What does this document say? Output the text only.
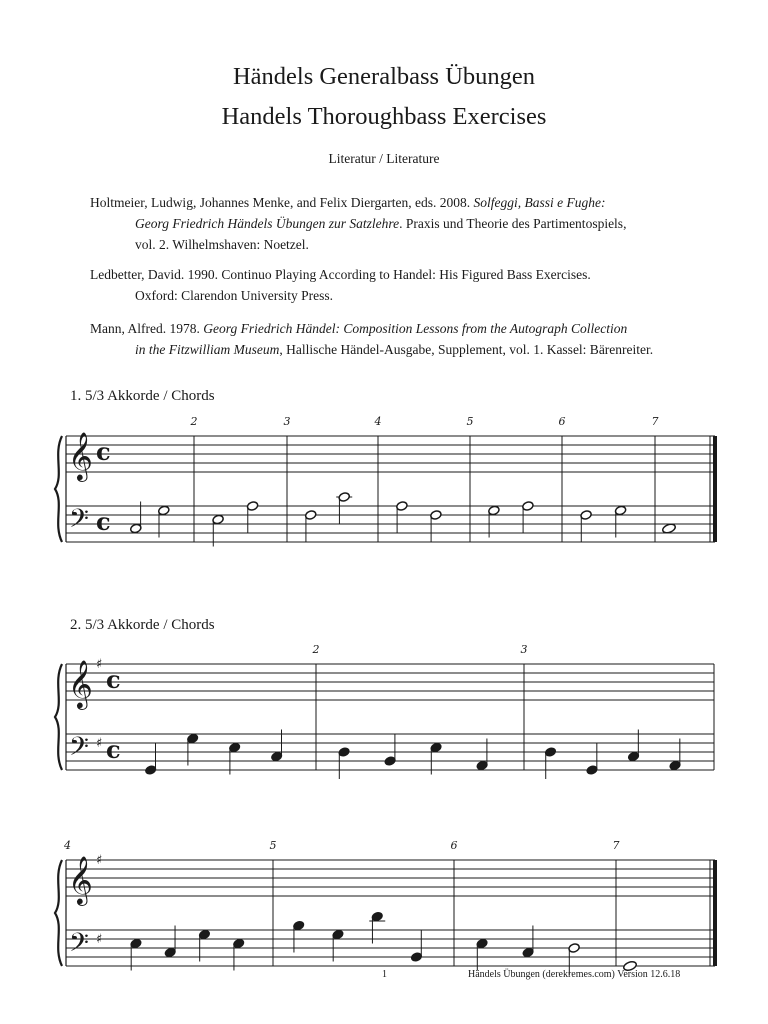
Händels Generalbass Übungen
Handels Thoroughbass Exercises
Literatur / Literature
Holtmeier, Ludwig, Johannes Menke, and Felix Diergarten, eds. 2008. Solfeggi, Bassi e Fughe:
Georg Friedrich Händels Übungen zur Satzlehre. Praxis und Theorie des Partimentospiels,
vol. 2. Wilhelmshaven: Noetzel.
Ledbetter, David. 1990. Continuo Playing According to Handel: His Figured Bass Exercises.
Oxford: Clarendon University Press.
Mann, Alfred. 1978. Georg Friedrich Händel: Composition Lessons from the Autograph Collection
in the Fitzwilliam Museum, Hallische Händel-Ausgabe, Supplement, vol. 1. Kassel: Bärenreiter.
1. 5/3 Akkorde / Chords
2. 5/3 Akkorde / Chords
𝄞
𝄢
c
c
2	3	4	5	6	7
𝄞
𝄢
♯
♯
c
c
2	3
𝄞
𝄢
♯
♯
4	5	6	7
1	Händels Übungen (derekremes.com) Version 12.6.18
